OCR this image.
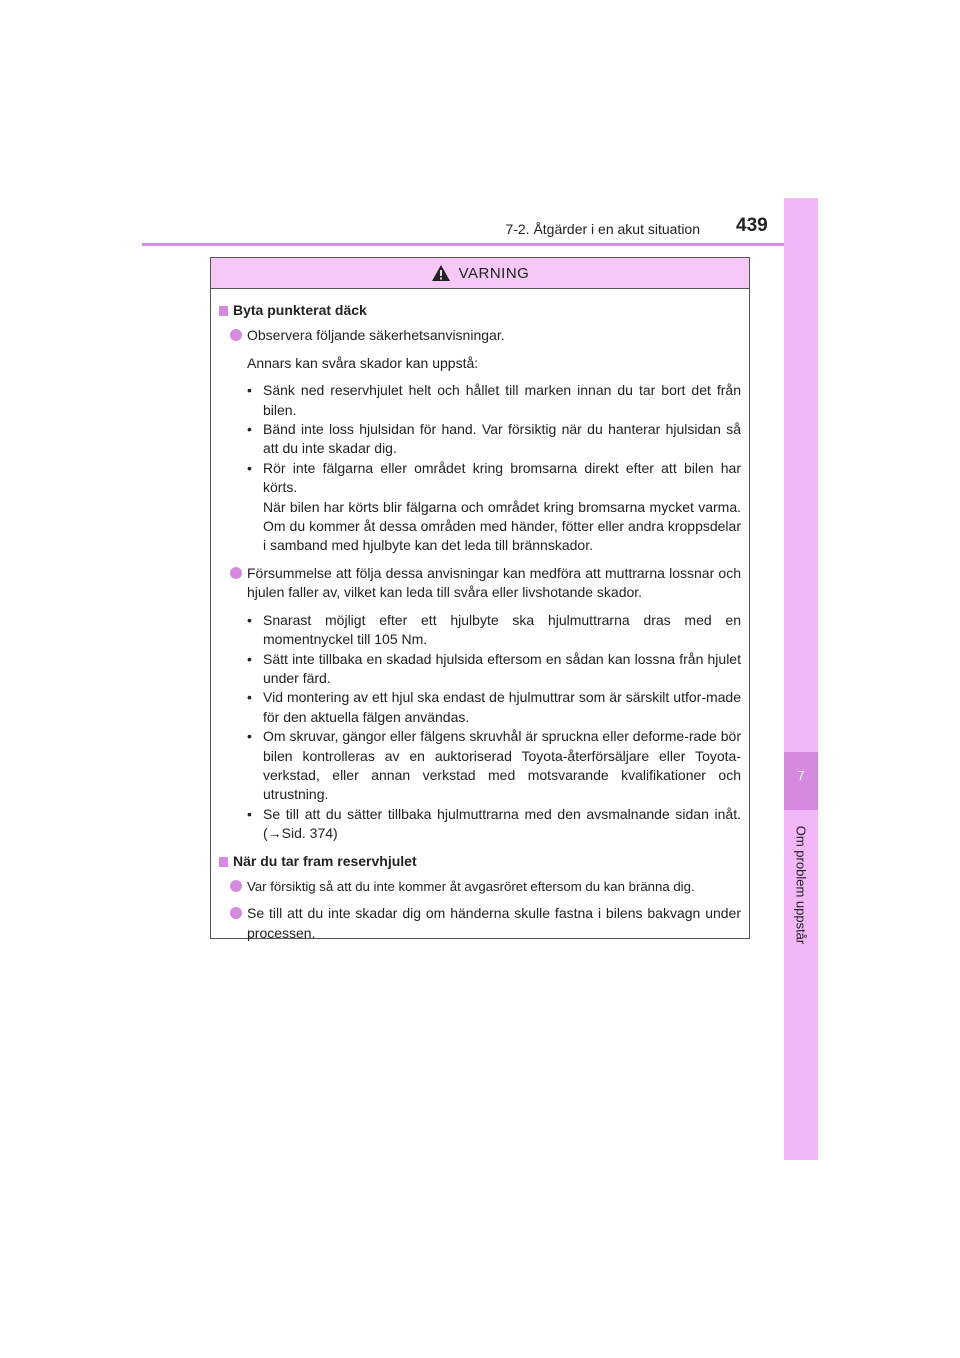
7-2. Åtgärder i en akut situation 439
7
Om problem uppstår
VARNING
Byta punkterat däck
Observera följande säkerhetsanvisningar.
Annars kan svåra skador kan uppstå:
• Sänk ned reservhjulet helt och hållet till marken innan du tar bort det från bilen.
• Bänd inte loss hjulsidan för hand. Var försiktig när du hanterar hjulsidan så att du inte skadar dig.
• Rör inte fälgarna eller området kring bromsarna direkt efter att bilen har körts.
När bilen har körts blir fälgarna och området kring bromsarna mycket varma. Om du kommer åt dessa områden med händer, fötter eller andra kroppsdelar i samband med hjulbyte kan det leda till brännskador.
Försummelse att följa dessa anvisningar kan medföra att muttrarna lossnar och hjulen faller av, vilket kan leda till svåra eller livshotande skador.
• Snarast möjligt efter ett hjulbyte ska hjulmuttrarna dras med en momentnyckel till 105 Nm.
• Sätt inte tillbaka en skadad hjulsida eftersom en sådan kan lossna från hjulet under färd.
• Vid montering av ett hjul ska endast de hjulmuttrar som är särskilt utfor-made för den aktuella fälgen användas.
• Om skruvar, gängor eller fälgens skruvhål är spruckna eller deforme-rade bör bilen kontrolleras av en auktoriserad Toyota-återförsäljare eller Toyota-verkstad, eller annan verkstad med motsvarande kvalifikationer och utrustning.
• Se till att du sätter tillbaka hjulmuttrarna med den avsmalnande sidan inåt. (→Sid. 374)
När du tar fram reservhjulet
Var försiktig så att du inte kommer åt avgasröret eftersom du kan bränna dig.
Se till att du inte skadar dig om händerna skulle fastna i bilens bakvagn under processen.
